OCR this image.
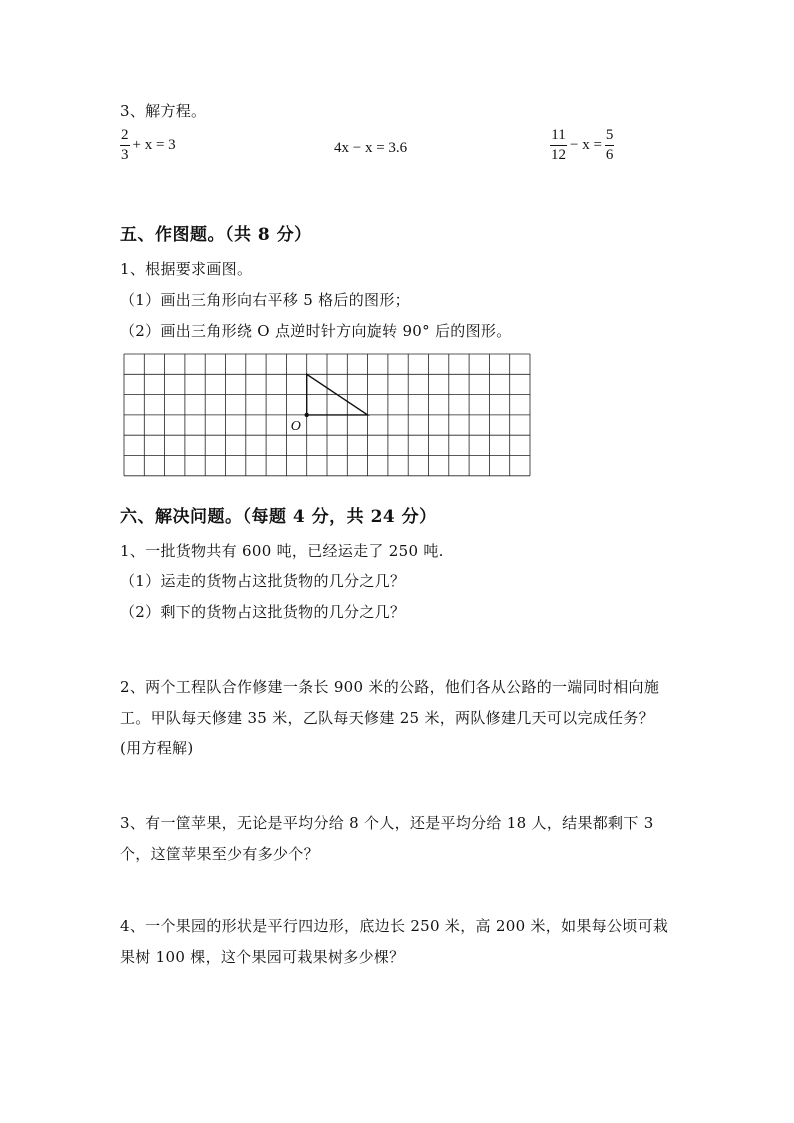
3、解方程。
$\frac{2}{3} + x = 3$	4x − x = 3.6	$\frac{11}{12} - x = \frac{5}{6}$
五、作图题。（共 8 分）
1、根据要求画图。
（1）画出三角形向右平移 5 格后的图形；
（2）画出三角形绕 O 点逆时针方向旋转 90° 后的图形。
O
六、解决问题。（每题 4 分，共 24 分）
1、一批货物共有 600 吨，已经运走了 250 吨.
（1）运走的货物占这批货物的几分之几？
（2）剩下的货物占这批货物的几分之几？
2、两个工程队合作修建一条长 900 米的公路，他们各从公路的一端同时相向施
工。甲队每天修建 35 米，乙队每天修建 25 米，两队修建几天可以完成任务？
(用方程解)
3、有一筐苹果，无论是平均分给 8 个人，还是平均分给 18 人，结果都剩下 3
个，这筐苹果至少有多少个？
4、一个果园的形状是平行四边形，底边长 250 米，高 200 米，如果每公顷可栽
果树 100 棵，这个果园可栽果树多少棵？
